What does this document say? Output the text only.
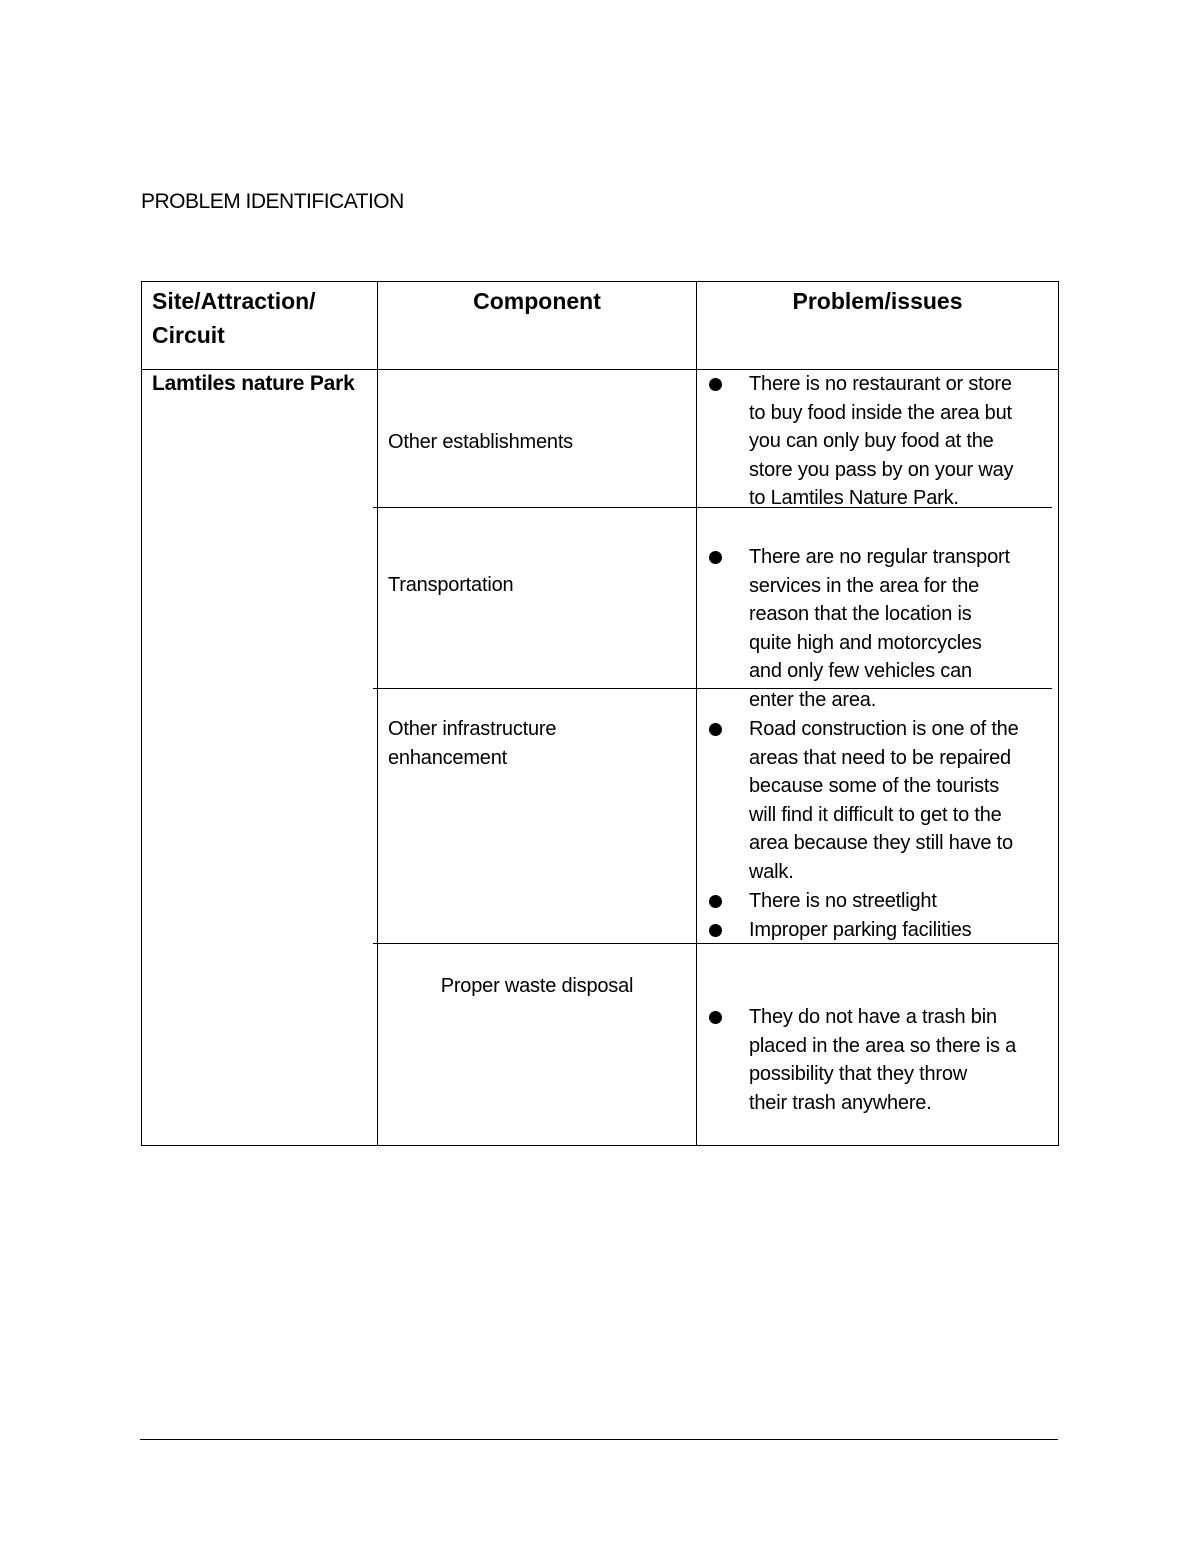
PROBLEM IDENTIFICATION
Site/Attraction/
Circuit
Component	Problem/issues
Lamtiles nature Park
Other establishments
There is no restaurant or store
to buy food inside the area but
you can only buy food at the
store you pass by on your way
to Lamtiles Nature Park.
Transportation
There are no regular transport
services in the area for the
reason that the location is
quite high and motorcycles
and only few vehicles can
enter the area.
Other infrastructure
enhancement
Road construction is one of the
areas that need to be repaired
because some of the tourists
will find it difficult to get to the
area because they still have to
walk.
There is no streetlight
Improper parking facilities
Proper waste disposal
They do not have a trash bin
placed in the area so there is a
possibility that they throw
their trash anywhere.
